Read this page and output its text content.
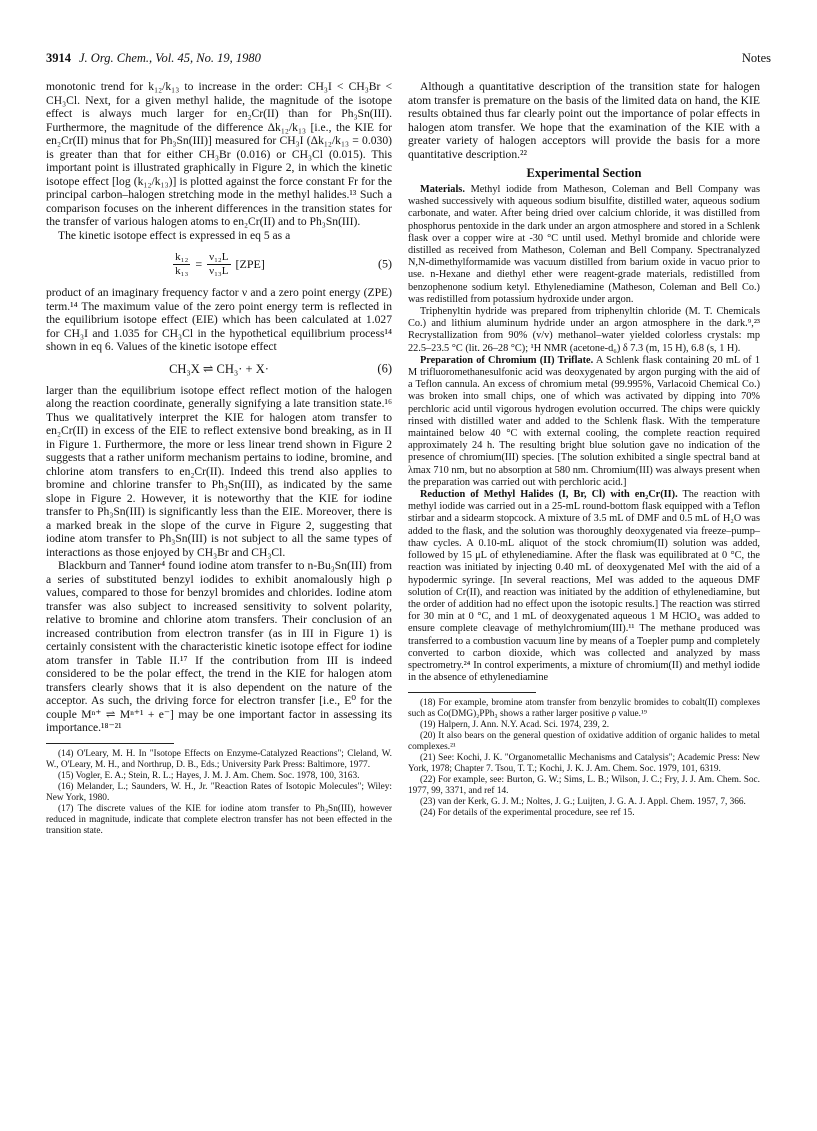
3914 J. Org. Chem., Vol. 45, No. 19, 1980	Notes

monotonic trend for k₁₂/k₁₃ to increase in the order: CH₃I < CH₃Br < CH₃Cl. Next, for a given methyl halide, the magnitude of the isotope effect is always much larger for en₂Cr(II) than for Ph₃Sn(III). Furthermore, the magnitude of the difference Δk₁₂/k₁₃ [i.e., the KIE for en₂Cr(II) minus that for Ph₃Sn(III)] measured for CH₃I (Δk₁₂/k₁₃ = 0.030) is greater than that for either CH₃Br (0.016) or CH₃Cl (0.015). This important point is illustrated graphically in Figure 2, in which the kinetic isotope effect [log (k₁₂/k₁₃)] is plotted against the force constant Fr for the principal carbon–halogen stretching mode in the methyl halides.¹³ Such a comparison focuses on the inherent differences in the transition states for the transfer of various halogen atoms to en₂Cr(II) and to Ph₃Sn(III).

The kinetic isotope effect is expressed in eq 5 as a

$\frac{\text{k₁₂}}{\text{k₁₃}} = \frac{\text{ν₁₂L}}{\text{ν₁₃L}} [ZPE]$	(5)

product of an imaginary frequency factor ν and a zero point energy (ZPE) term.¹⁴ The maximum value of the zero point energy term is reflected in the equilibrium isotope effect (EIE) which has been calculated at 1.027 for CH₃I and 1.035 for CH₃Cl in the hypothetical equilibrium process¹⁴ shown in eq 6. Values of the kinetic isotope effect

CH₃X ⇌ CH₃· + X·	(6)

larger than the equilibrium isotope effect reflect motion of the halogen along the reaction coordinate, generally signifying a late transition state.¹⁶ Thus we qualitatively interpret the KIE for halogen atom transfer to en₂Cr(II) in excess of the EIE to reflect extensive bond breaking, as in II in Figure 1. Furthermore, the more or less linear trend shown in Figure 2 suggests that a rather uniform mechanism pertains to iodine, bromine, and chlorine atom transfers to en₂Cr(II). Indeed this trend also applies to bromine and chlorine transfer to Ph₃Sn(III), as indicated by the same slope in Figure 2. However, it is noteworthy that the KIE for iodine transfer to Ph₃Sn(III) is significantly less than the EIE. Moreover, there is a marked break in the slope of the curve in Figure 2, suggesting that iodine atom transfer to Ph₃Sn(III) is not subject to all the same types of interactions as those enjoyed by CH₃Br and CH₃Cl.

Blackburn and Tanner⁴ found iodine atom transfer to n-Bu₃Sn(III) from a series of substituted benzyl iodides to exhibit anomalously high ρ values, compared to those for benzyl bromides and chlorides. Iodine atom transfer was also subject to increased sensitivity to solvent polarity, relative to bromine and chlorine atom transfers. Their conclusion of an increased contribution from electron transfer (as in III in Figure 1) is certainly consistent with the characteristic kinetic isotope effect for iodine atom transfer in Table II.¹⁷ If the contribution from III is indeed considered to be the polar effect, the trend in the KIE for halogen atom transfers clearly shows that it is also dependent on the nature of the acceptor. As such, the driving force for electron transfer [i.e., E⁰ for the couple Mⁿ⁺ ⇌ Mⁿ⁺¹ + e⁻] may be one important factor in assessing its importance.¹⁸⁻²¹

(14) O'Leary, M. H. In "Isotope Effects on Enzyme-Catalyzed Reactions"; Cleland, W. W., O'Leary, M. H., and Northrup, D. B., Eds.; University Park Press: Baltimore, 1977.

(15) Vogler, E. A.; Stein, R. L.; Hayes, J. M. J. Am. Chem. Soc. 1978, 100, 3163.

(16) Melander, L.; Saunders, W. H., Jr. "Reaction Rates of Isotopic Molecules"; Wiley: New York, 1980.

(17) The discrete values of the KIE for iodine atom transfer to Ph₃Sn(III), however reduced in magnitude, indicate that complete electron transfer has not been effected in the transition state.

Although a quantitative description of the transition state for halogen atom transfer is premature on the basis of the limited data on hand, the KIE results obtained thus far clearly point out the importance of polar effects in halogen atom transfer. We hope that the examination of the KIE with a greater variety of halogen acceptors will provide the basis for a more quantitative description.²²

Experimental Section

Materials. Methyl iodide from Matheson, Coleman and Bell Company was washed successively with aqueous sodium bisulfite, distilled water, aqueous sodium carbonate, and water. After being dried over calcium chloride, it was distilled from phosphorus pentoxide in the dark under an argon atmosphere and stored in a Schlenk flask over a copper wire at -30 °C until used. Methyl bromide and chloride were distilled as received from Matheson, Coleman and Bell Company. Spectranalyzed N,N-dimethylformamide was vacuum distilled from barium oxide in vacuo prior to use. n-Hexane and diethyl ether were reagent-grade materials, redistilled from benzophenone sodium ketyl. Ethylenediamine (Matheson, Coleman and Bell Co.) was redistilled from potassium hydroxide under argon.

Triphenyltin hydride was prepared from triphenyltin chloride (M. T. Chemicals Co.) and lithium aluminum hydride under an argon atmosphere in the dark.⁹,²³ Recrystallization from 90% (v/v) methanol–water yielded colorless crystals: mp 22.5–23.5 °C (lit. 26–28 °C); ¹H NMR (acetone-d₆) δ 7.3 (m, 15 H), 6.8 (s, 1 H).

Preparation of Chromium (II) Triflate. A Schlenk flask containing 20 mL of 1 M trifluoromethanesulfonic acid was deoxygenated by argon purging with the aid of a Teflon cannula. An excess of chromium metal (99.995%, Varlacoid Chemical Co.) was broken into small chips, one of which was activated by dipping into 70% perchloric acid until vigorous hydrogen evolution occurred. The chips were quickly rinsed with distilled water and added to the Schlenk flask. With the temperature maintained below 40 °C with external cooling, the complete reaction required approximately 24 h. The resulting bright blue solution gave no indication of the presence of chromium(III) species. [The solution exhibited a single spectral band at λmax 710 nm, but no absorption at 580 nm. Chromium(III) was always present when the preparation was carried out with perchloric acid.]

Reduction of Methyl Halides (I, Br, Cl) with en₂Cr(II). The reaction with methyl iodide was carried out in a 25-mL round-bottom flask equipped with a Teflon stirbar and a sidearm stopcock. A mixture of 3.5 mL of DMF and 0.5 mL of H₂O was added to the flask, and the solution was thoroughly deoxygenated via freeze–pump–thaw cycles. A 0.10-mL aliquot of the stock chromium(II) solution was added, followed by 15 μL of ethylenediamine. After the flask was equilibrated at 0 °C, the reaction was initiated by injecting 0.40 mL of deoxygenated MeI with the aid of a hypodermic syringe. [In several reactions, MeI was added to the aqueous DMF solution of Cr(II), and reaction was initiated by the addition of ethylenediamine, but the order of addition had no effect upon the isotopic results.] The reaction was stirred for 30 min at 0 °C, and 1 mL of deoxygenated aqueous 1 M HClO₄ was added to ensure complete cleavage of methylchromium(III).¹¹ The methane produced was transferred to a combustion vacuum line by means of a Toepler pump and completely converted to carbon dioxide, which was collected and analyzed by mass spectrometry.²⁴ In control experiments, a mixture of chromium(II) and methyl iodide in the absence of ethylenediamine

(18) For example, bromine atom transfer from benzylic bromides to cobalt(II) complexes such as Co(DMG)₂PPh₃ shows a rather larger positive ρ value.¹⁹

(19) Halpern, J. Ann. N.Y. Acad. Sci. 1974, 239, 2.

(20) It also bears on the general question of oxidative addition of organic halides to metal complexes.²¹

(21) See: Kochi, J. K. "Organometallic Mechanisms and Catalysis"; Academic Press: New York, 1978; Chapter 7. Tsou, T. T.; Kochi, J. K. J. Am. Chem. Soc. 1979, 101, 6319.

(22) For example, see: Burton, G. W.; Sims, L. B.; Wilson, J. C.; Fry, J. J. Am. Chem. Soc. 1977, 99, 3371, and ref 14.

(23) van der Kerk, G. J. M.; Noltes, J. G.; Luijten, J. G. A. J. Appl. Chem. 1957, 7, 366.

(24) For details of the experimental procedure, see ref 15.
